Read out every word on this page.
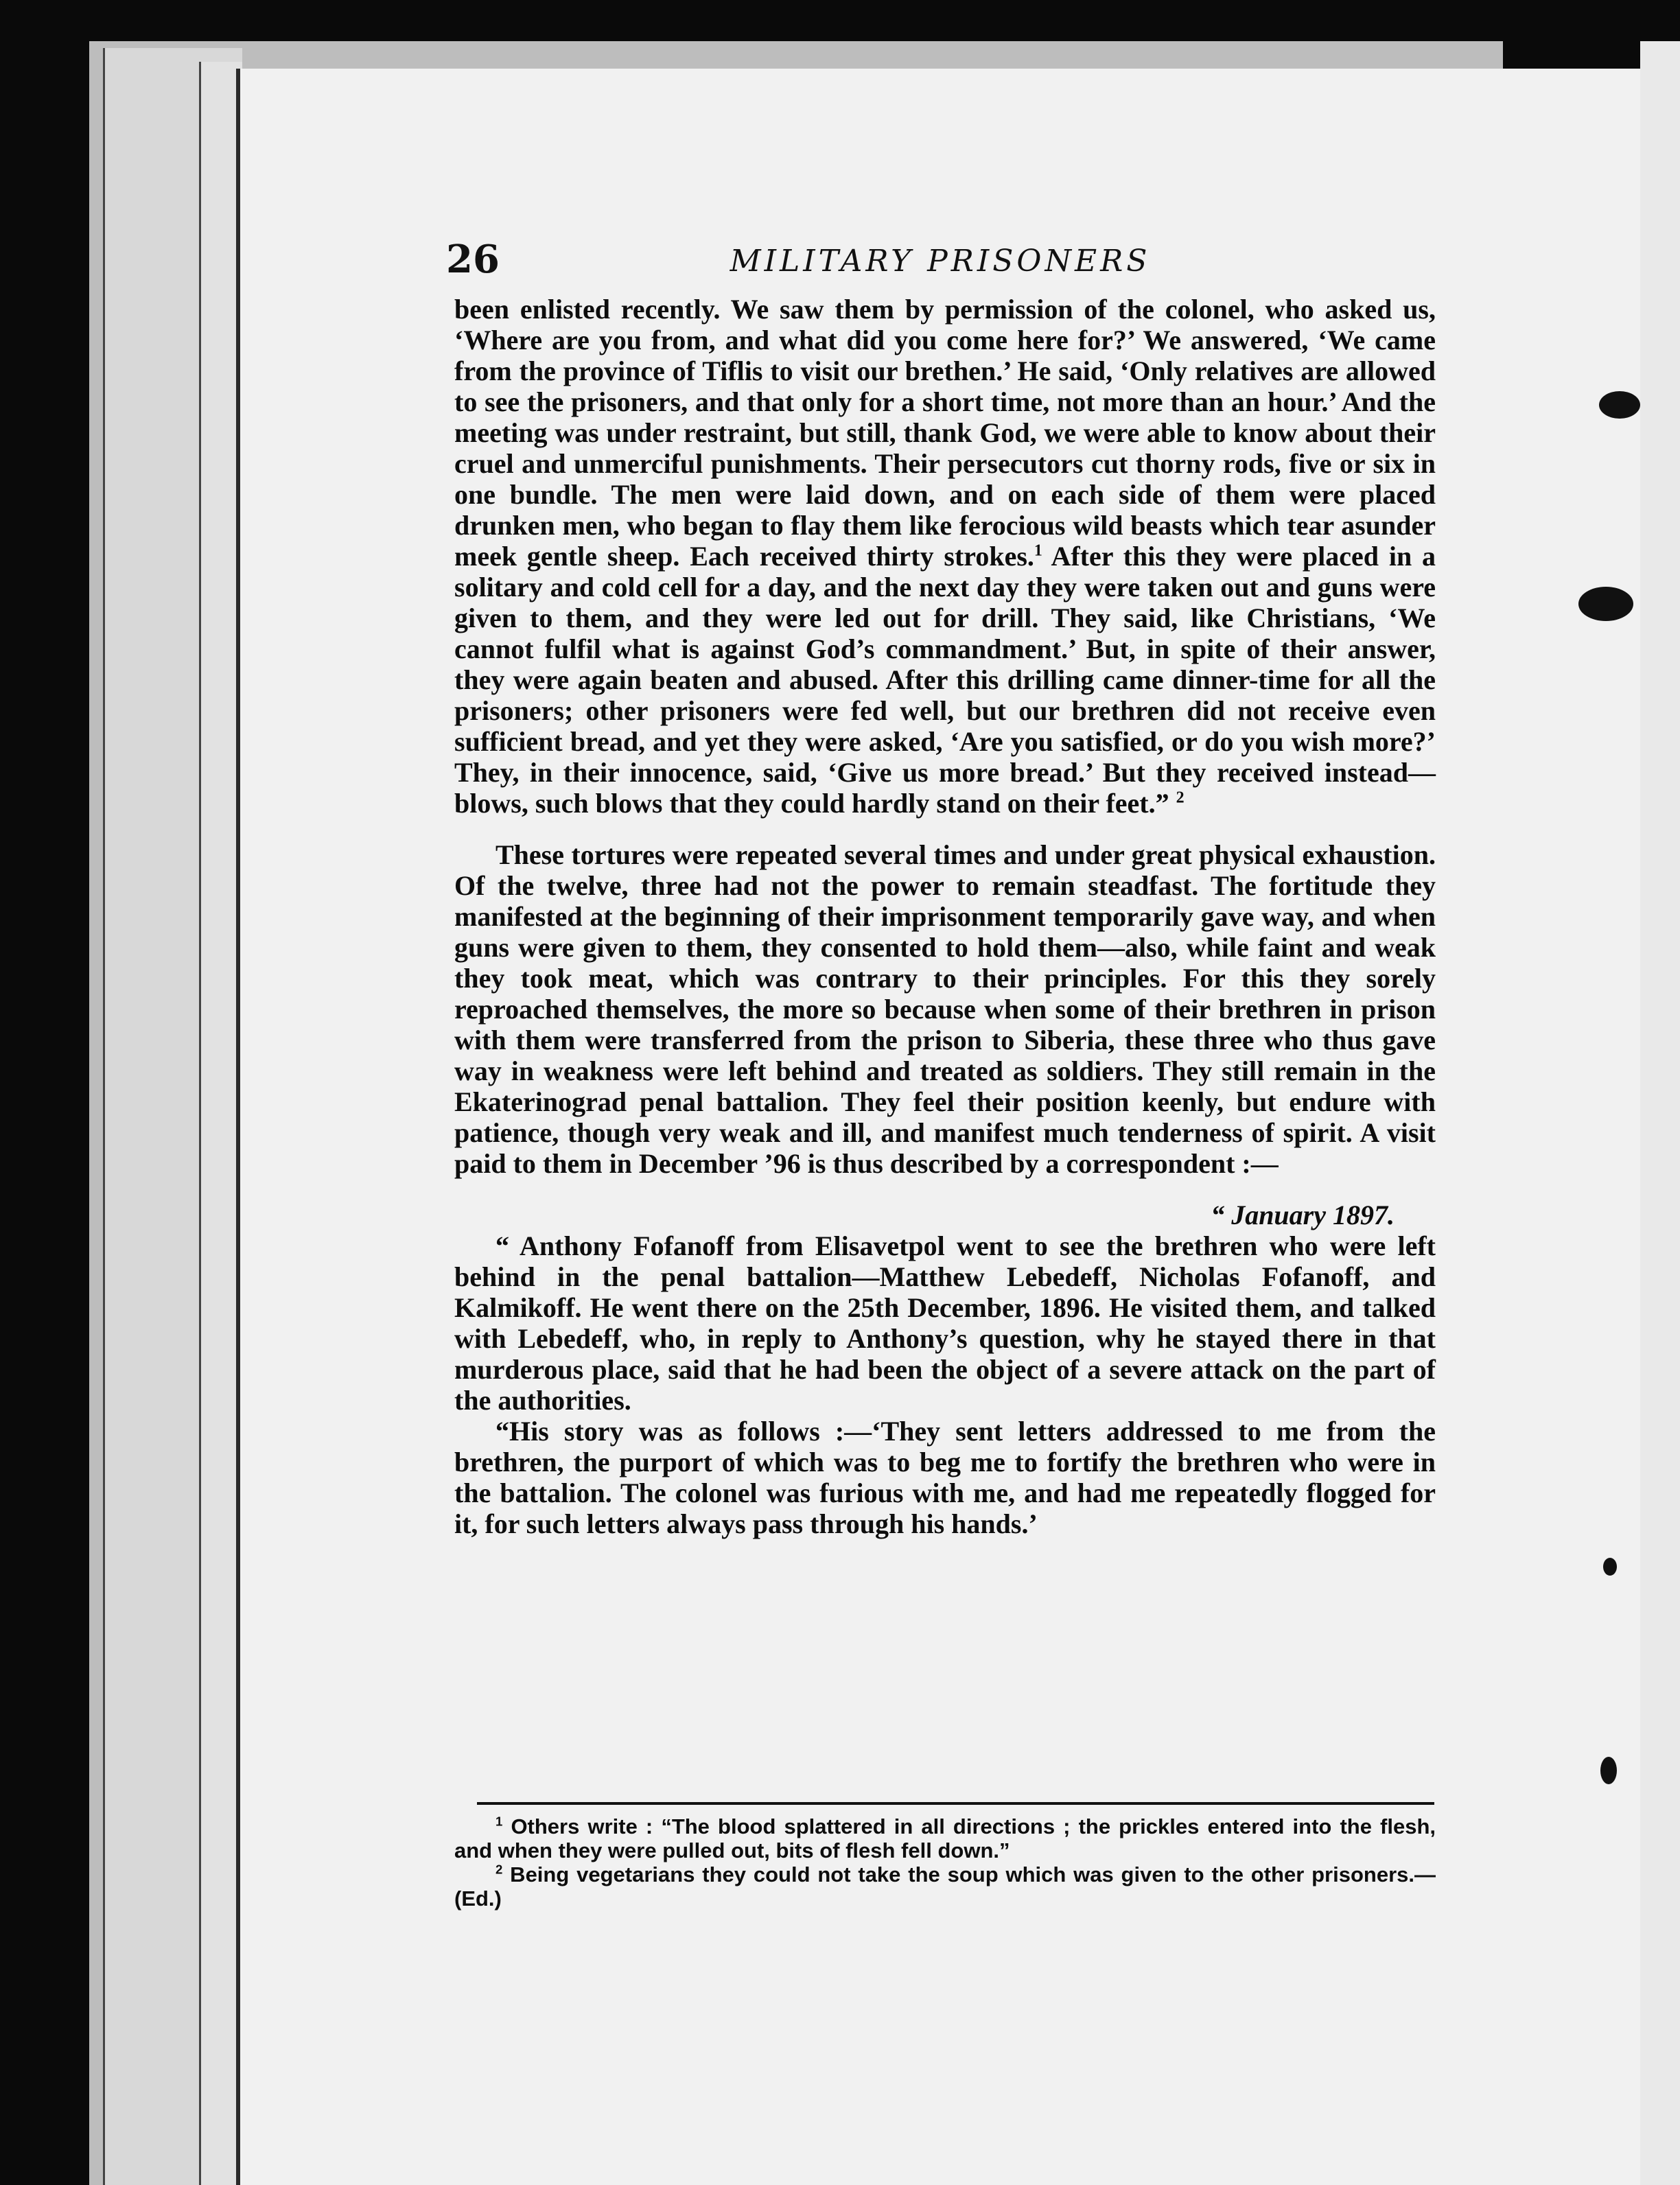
26	MILITARY PRISONERS

been enlisted recently. We saw them by permission of the colonel, who asked us, ‘Where are you from, and what did you come here for?’ We answered, ‘We came from the province of Tiflis to visit our brethen.’ He said, ‘Only relatives are allowed to see the prisoners, and that only for a short time, not more than an hour.’ And the meeting was under restraint, but still, thank God, we were able to know about their cruel and unmerciful punishments. Their persecutors cut thorny rods, five or six in one bundle. The men were laid down, and on each side of them were placed drunken men, who began to flay them like ferocious wild beasts which tear asunder meek gentle sheep. Each received thirty strokes.$^1$ After this they were placed in a solitary and cold cell for a day, and the next day they were taken out and guns were given to them, and they were led out for drill. They said, like Christians, ‘We cannot fulfil what is against God’s commandment.’ But, in spite of their answer, they were again beaten and abused. After this drilling came dinner-time for all the prisoners; other prisoners were fed well, but our brethren did not receive even sufficient bread, and yet they were asked, ‘Are you satisfied, or do you wish more?’ They, in their innocence, said, ‘Give us more bread.’ But they received instead—blows, such blows that they could hardly stand on their feet.” $^2$

These tortures were repeated several times and under great physical exhaustion. Of the twelve, three had not the power to remain steadfast. The fortitude they manifested at the beginning of their imprisonment temporarily gave way, and when guns were given to them, they consented to hold them—also, while faint and weak they took meat, which was contrary to their principles. For this they sorely reproached themselves, the more so because when some of their brethren in prison with them were transferred from the prison to Siberia, these three who thus gave way in weakness were left behind and treated as soldiers. They still remain in the Ekaterinograd penal battalion. They feel their position keenly, but endure with patience, though very weak and ill, and manifest much tenderness of spirit. A visit paid to them in December ’96 is thus described by a correspondent :—

“ January 1897.

“ Anthony Fofanoff from Elisavetpol went to see the brethren who were left behind in the penal battalion—Matthew Lebedeff, Nicholas Fofanoff, and Kalmikoff. He went there on the 25th December, 1896. He visited them, and talked with Lebedeff, who, in reply to Anthony’s question, why he stayed there in that murderous place, said that he had been the object of a severe attack on the part of the authorities.

“His story was as follows :—‘They sent letters addressed to me from the brethren, the purport of which was to beg me to fortify the brethren who were in the battalion. The colonel was furious with me, and had me repeatedly flogged for it, for such letters always pass through his hands.’

$^1$ Others write : “The blood splattered in all directions ; the prickles entered into the flesh, and when they were pulled out, bits of flesh fell down.”

$^2$ Being vegetarians they could not take the soup which was given to the other prisoners.—(Ed.)
